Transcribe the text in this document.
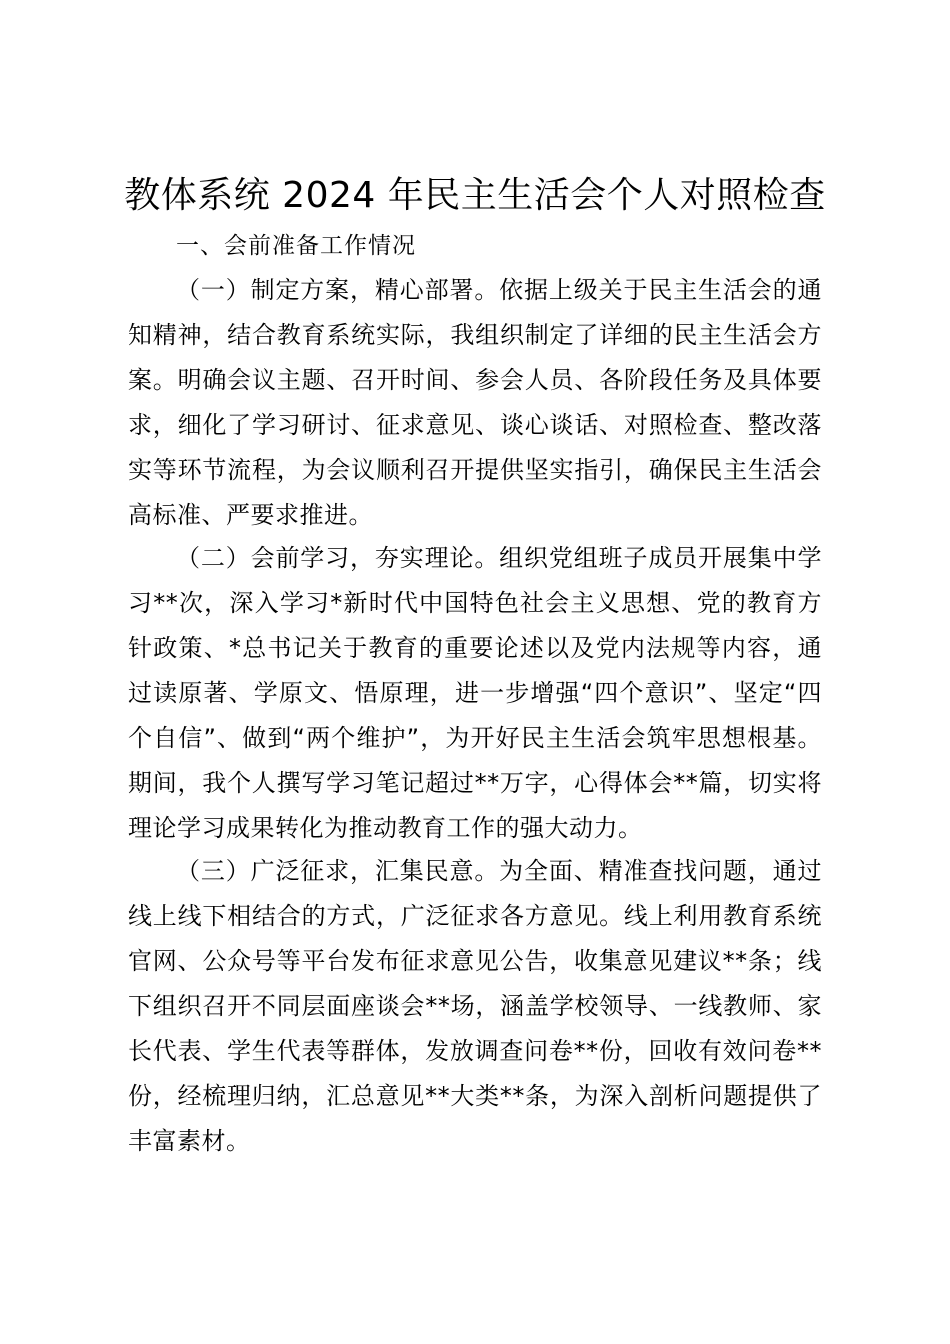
教体系统 2024 年民主生活会个人对照检查
一、会前准备工作情况

（一）制定方案，精心部署。依据上级关于民主生活会的通知精神，结合教育系统实际，我组织制定了详细的民主生活会方案。明确会议主题、召开时间、参会人员、各阶段任务及具体要求，细化了学习研讨、征求意见、谈心谈话、对照检查、整改落实等环节流程，为会议顺利召开提供坚实指引，确保民主生活会高标准、严要求推进。

（二）会前学习，夯实理论。组织党组班子成员开展集中学习**次，深入学习*新时代中国特色社会主义思想、党的教育方针政策、*总书记关于教育的重要论述以及党内法规等内容，通过读原著、学原文、悟原理，进一步增强“四个意识”、坚定“四个自信”、做到“两个维护”，为开好民主生活会筑牢思想根基。期间，我个人撰写学习笔记超过**万字，心得体会**篇，切实将理论学习成果转化为推动教育工作的强大动力。

（三）广泛征求，汇集民意。为全面、精准查找问题，通过线上线下相结合的方式，广泛征求各方意见。线上利用教育系统官网、公众号等平台发布征求意见公告，收集意见建议**条；线下组织召开不同层面座谈会**场，涵盖学校领导、一线教师、家长代表、学生代表等群体，发放调查问卷**份，回收有效问卷**份，经梳理归纳，汇总意见**大类**条，为深入剖析问题提供了丰富素材。
